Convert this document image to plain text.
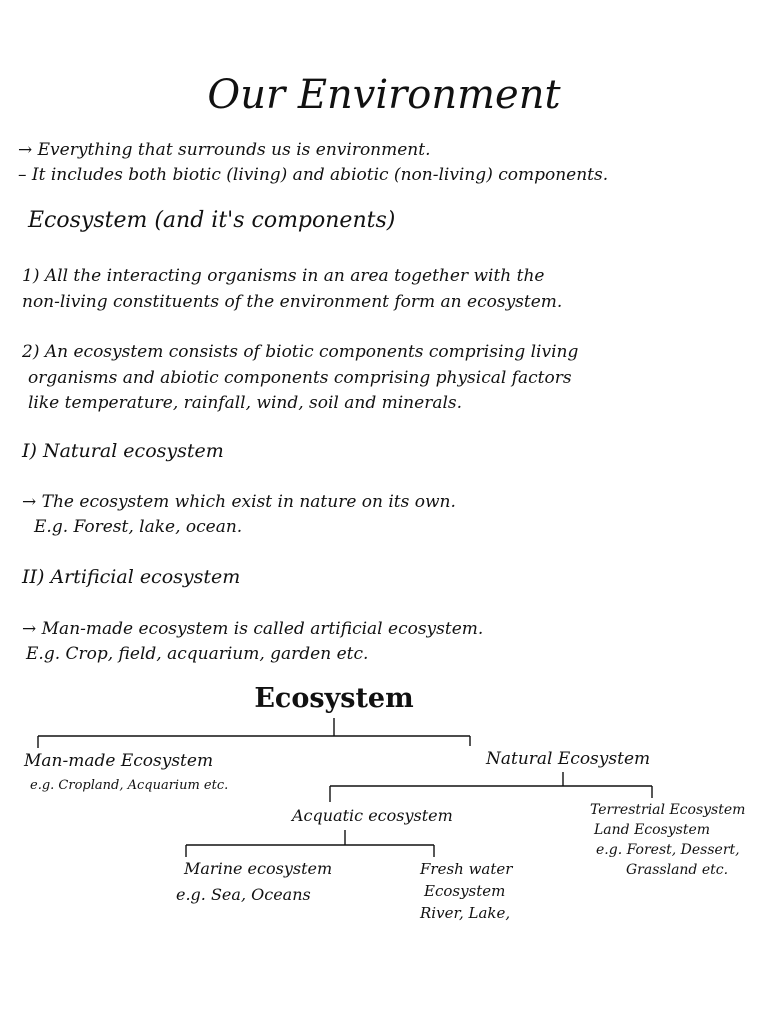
Our Environment
→ Everything that surrounds us is environment.
– It includes both biotic (living) and abiotic (non-living) components.
Ecosystem (and it's components)
1) All the interacting organisms in an area together with the
non-living constituents of the environment form an ecosystem.
2) An ecosystem consists of biotic components comprising living
organisms and abiotic components comprising physical factors
like temperature, rainfall, wind, soil and minerals.
I) Natural ecosystem
→ The ecosystem which exist in nature on its own.
E.g. Forest, lake, ocean.
II) Artificial ecosystem
→ Man-made ecosystem is called artificial ecosystem.
E.g. Crop, field, acquarium, garden etc.
Ecosystem
Man-made Ecosystem
e.g. Cropland, Acquarium etc.
Natural Ecosystem
Acquatic ecosystem	Terrestrial Ecosystem
Land Ecosystem
e.g. Forest, Dessert,
Grassland etc.
Marine ecosystem
e.g. Sea, Oceans
Fresh water
Ecosystem
River, Lake,
